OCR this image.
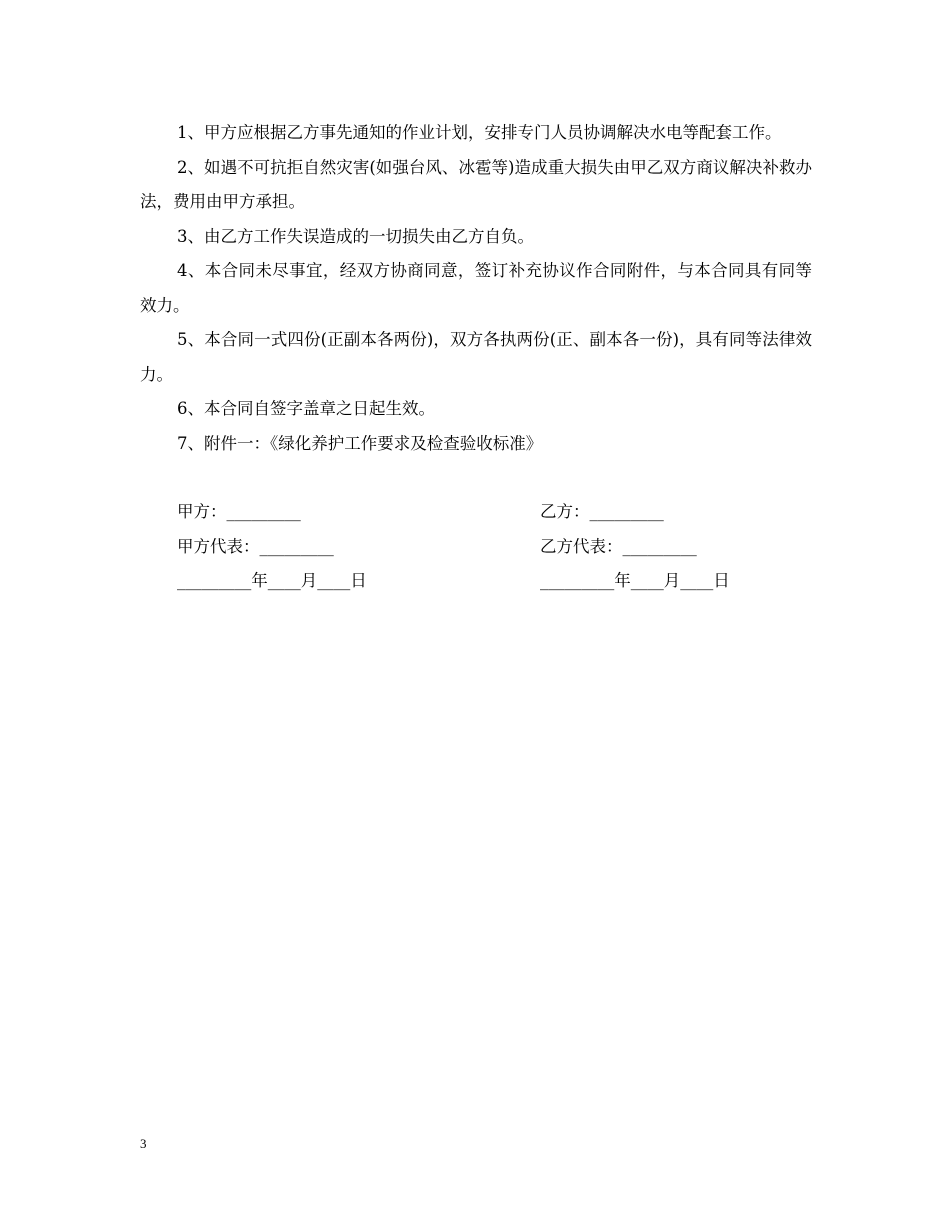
1、甲方应根据乙方事先通知的作业计划，安排专门人员协调解决水电等配套工作。

2、如遇不可抗拒自然灾害(如强台风、冰雹等)造成重大损失由甲乙双方商议解决补救办法，费用由甲方承担。

3、由乙方工作失误造成的一切损失由乙方自负。

4、本合同未尽事宜，经双方协商同意，签订补充协议作合同附件，与本合同具有同等效力。

5、本合同一式四份(正副本各两份)，双方各执两份(正、副本各一份)，具有同等法律效力。

6、本合同自签字盖章之日起生效。

7、附件一：《绿化养护工作要求及检查验收标准》

甲方：_________	乙方：_________
甲方代表：_________	乙方代表：_________
_________年____月____日	_________年____月____日
3
